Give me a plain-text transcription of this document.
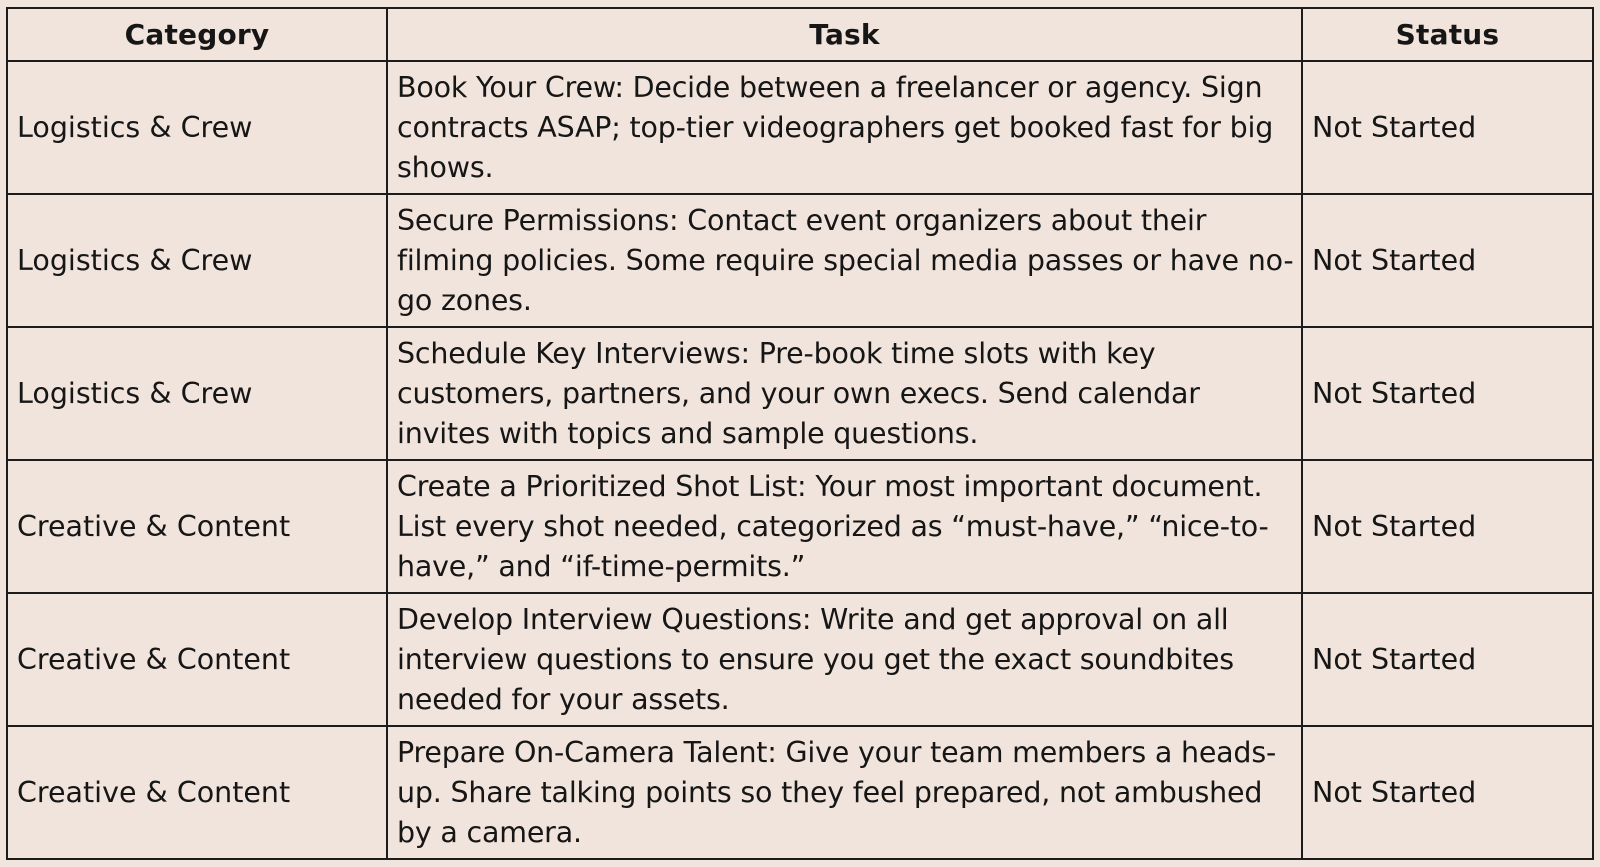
Category	Task	Status
Logistics & Crew	Book Your Crew: Decide between a freelancer or agency. Sign contracts ASAP; top-tier videographers get booked fast for big shows.	Not Started
Logistics & Crew	Secure Permissions: Contact event organizers about their filming policies. Some require special media passes or have no-go zones.	Not Started
Logistics & Crew	Schedule Key Interviews: Pre-book time slots with key customers, partners, and your own execs. Send calendar invites with topics and sample questions.	Not Started
Creative & Content	Create a Prioritized Shot List: Your most important document. List every shot needed, categorized as “must-have,” “nice-to-have,” and “if-time-permits.”	Not Started
Creative & Content	Develop Interview Questions: Write and get approval on all interview questions to ensure you get the exact soundbites needed for your assets.	Not Started
Creative & Content	Prepare On-Camera Talent: Give your team members a heads-up. Share talking points so they feel prepared, not ambushed by a camera.	Not Started
